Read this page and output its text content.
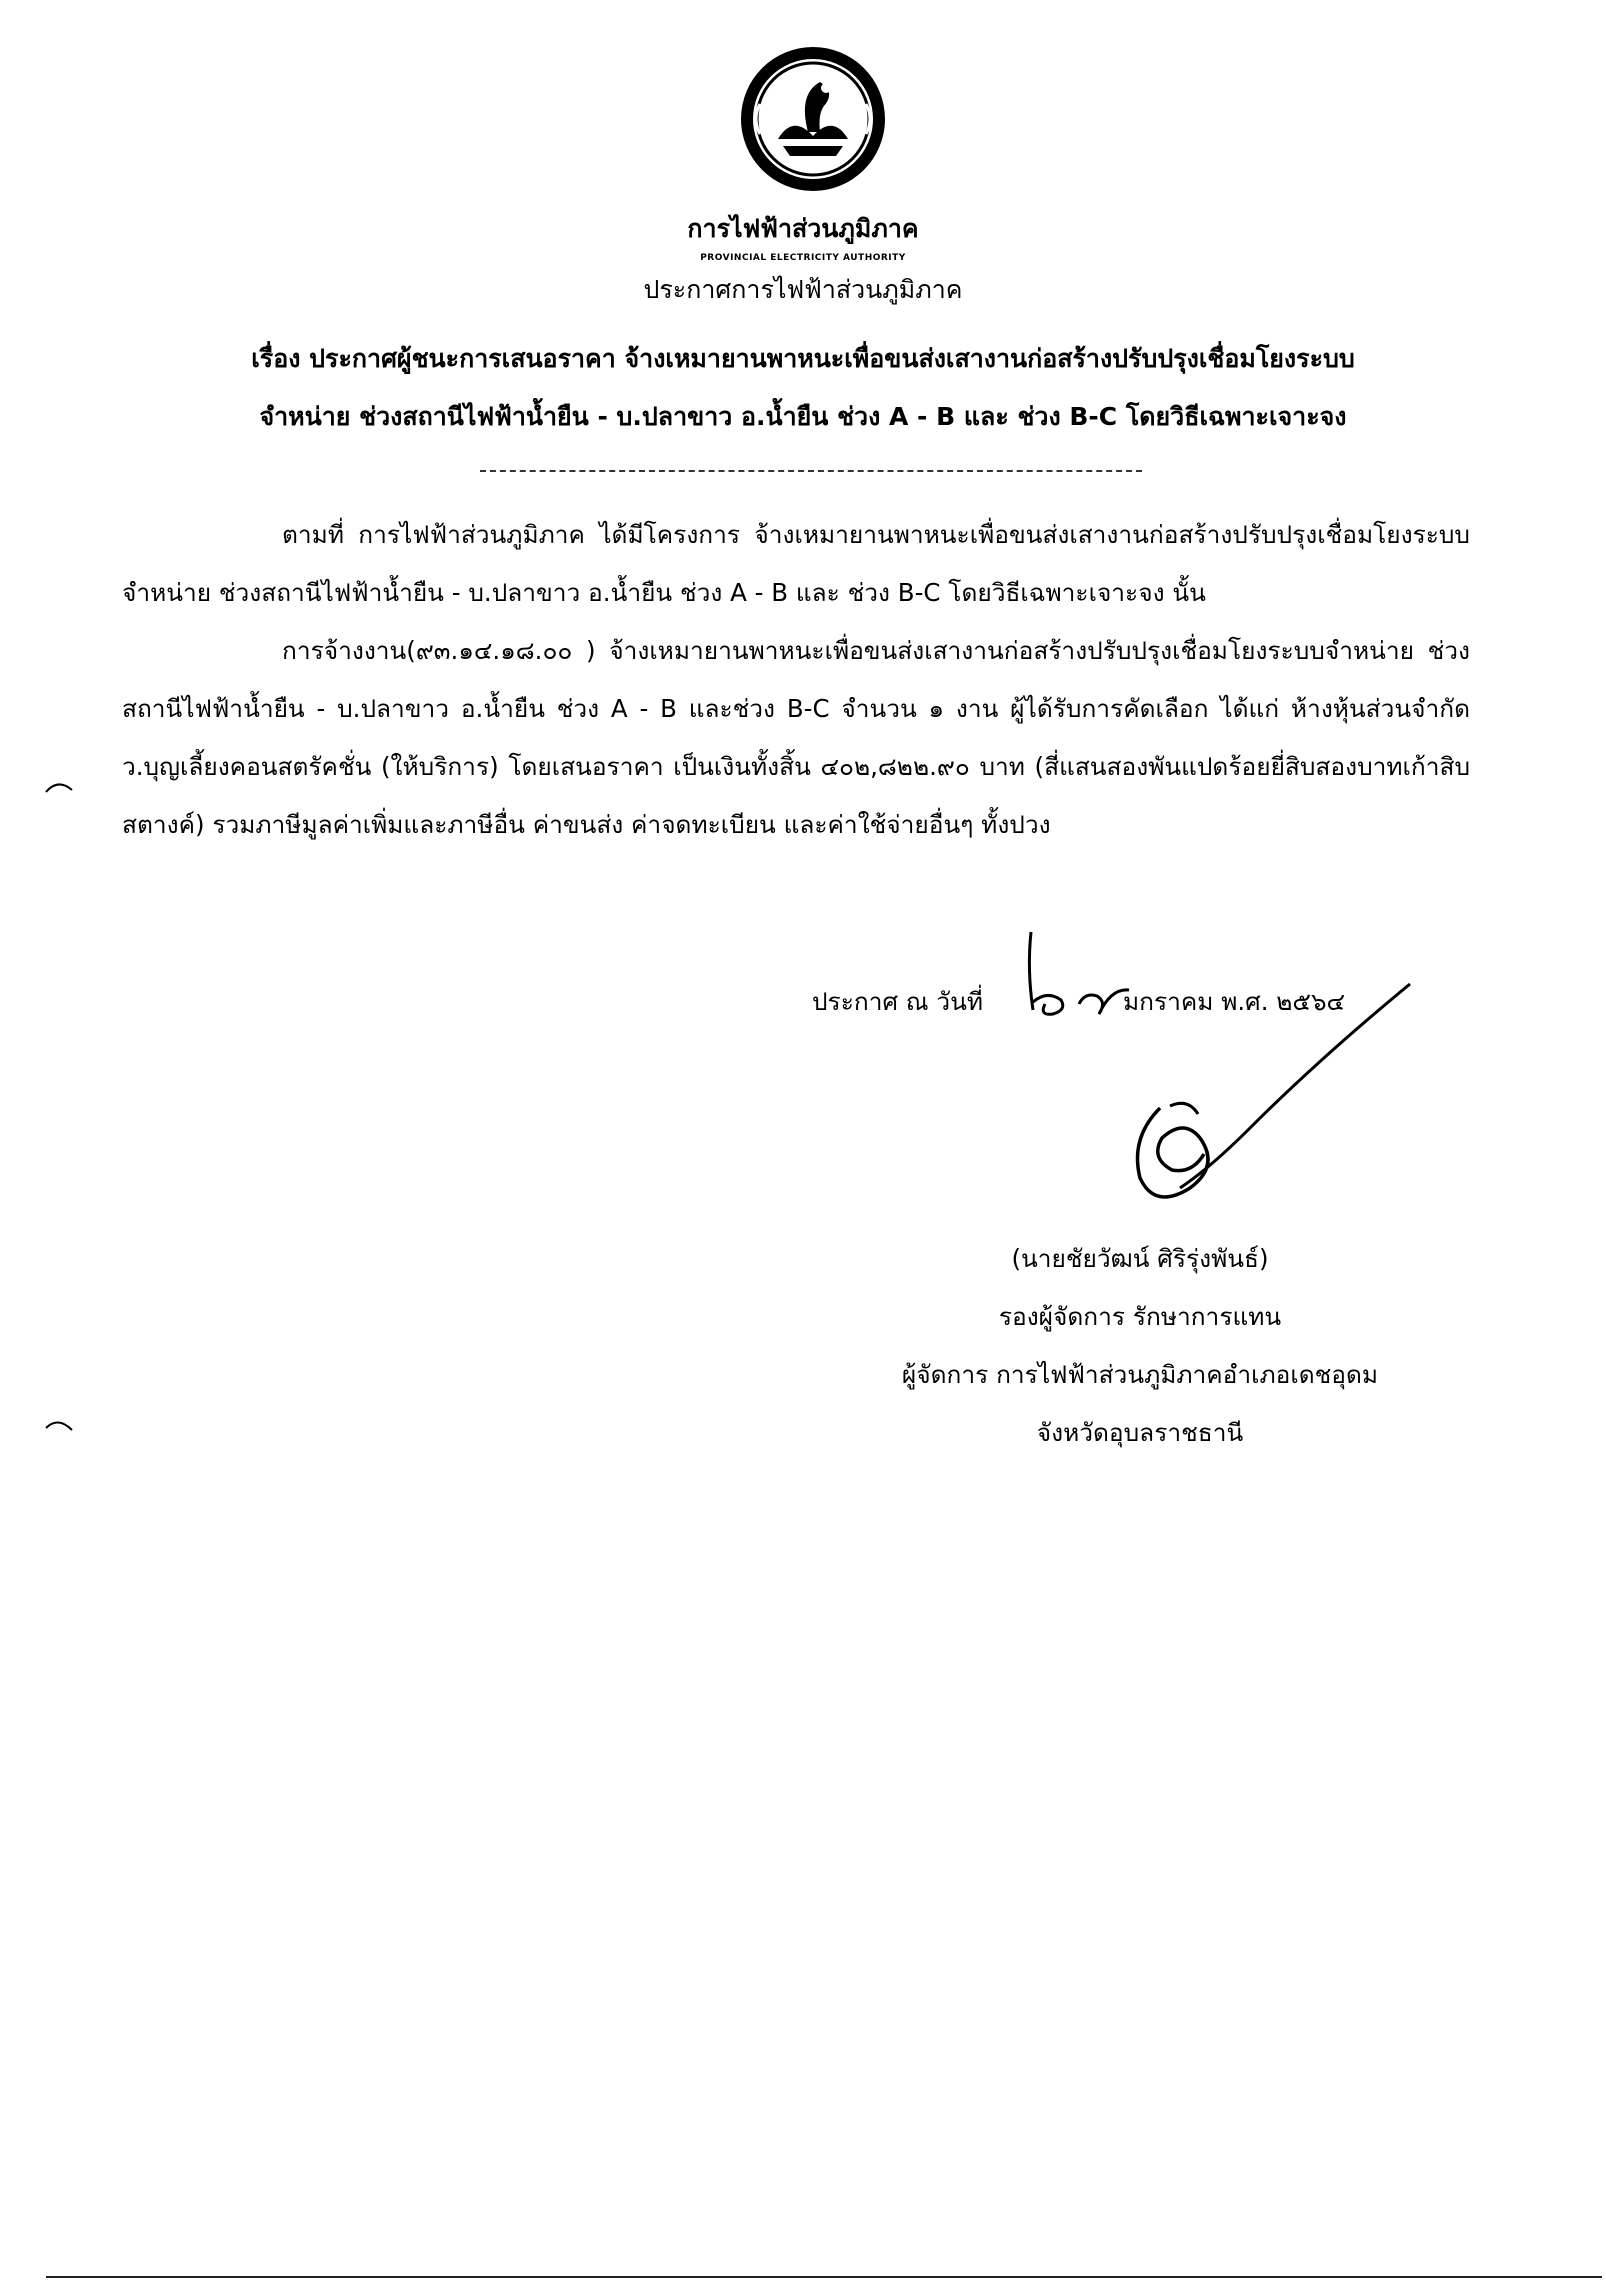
การไฟฟ้าส่วนภูมิภาค
PROVINCIAL ELECTRICITY AUTHORITY
ประกาศการไฟฟ้าส่วนภูมิภาค
เรื่อง ประกาศผู้ชนะการเสนอราคา จ้างเหมายานพาหนะเพื่อขนส่งเสางานก่อสร้างปรับปรุงเชื่อมโยงระบบ
จำหน่าย ช่วงสถานีไฟฟ้าน้ำยืน - บ.ปลาขาว อ.น้ำยืน ช่วง A - B และ ช่วง B-C โดยวิธีเฉพาะเจาะจง

ตามที่ การไฟฟ้าส่วนภูมิภาค ได้มีโครงการ จ้างเหมายานพาหนะเพื่อขนส่งเสางานก่อสร้างปรับปรุงเชื่อมโยงระบบจำหน่าย ช่วงสถานีไฟฟ้าน้ำยืน - บ.ปลาขาว อ.น้ำยืน ช่วง A - B และ ช่วง B-C โดยวิธีเฉพาะเจาะจง นั้น

การจ้างงาน(๙๓.๑๔.๑๘.๐๐ ) จ้างเหมายานพาหนะเพื่อขนส่งเสางานก่อสร้างปรับปรุงเชื่อมโยงระบบจำหน่าย ช่วงสถานีไฟฟ้าน้ำยืน - บ.ปลาขาว อ.น้ำยืน ช่วง A - B และช่วง B-C จำนวน ๑ งาน ผู้ได้รับการคัดเลือก ได้แก่ ห้างหุ้นส่วนจำกัด ว.บุญเลี้ยงคอนสตรัคชั่น (ให้บริการ) โดยเสนอราคา เป็นเงินทั้งสิ้น ๔๐๒,๘๒๒.๙๐ บาท (สี่แสนสองพันแปดร้อยยี่สิบสองบาทเก้าสิบสตางค์) รวมภาษีมูลค่าเพิ่มและภาษีอื่น ค่าขนส่ง ค่าจดทะเบียน และค่าใช้จ่ายอื่นๆ ทั้งปวง

ประกาศ ณ วันที่	มกราคม พ.ศ. ๒๕๖๔
(นายชัยวัฒน์ ศิริรุ่งพันธ์)
รองผู้จัดการ รักษาการแทน
ผู้จัดการ การไฟฟ้าส่วนภูมิภาคอำเภอเดชอุดม
จังหวัดอุบลราชธานี
